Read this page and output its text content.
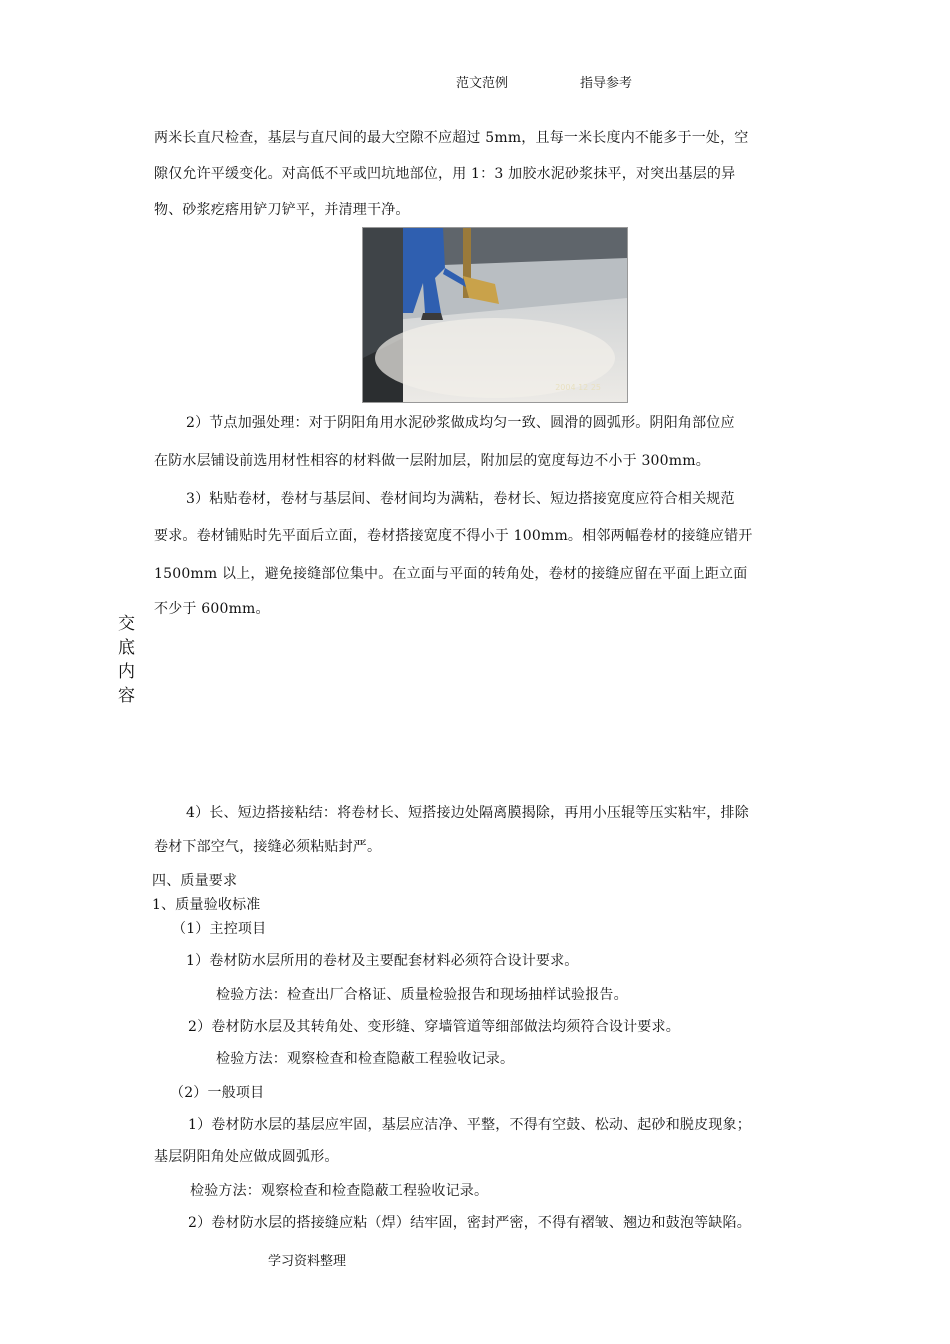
范文范例	指导参考
两米长直尺检查，基层与直尺间的最大空隙不应超过 5mm，且每一米长度内不能多于一处，空
隙仅允许平缓变化。对高低不平或凹坑地部位，用 1：3 加胶水泥砂浆抹平，对突出基层的异
物、砂浆疙瘩用铲刀铲平，并清理干净。
2004 12 25
2）节点加强处理：对于阴阳角用水泥砂浆做成均匀一致、圆滑的圆弧形。阴阳角部位应
在防水层铺设前选用材性相容的材料做一层附加层，附加层的宽度每边不小于 300mm。
3）粘贴卷材，卷材与基层间、卷材间均为满粘，卷材长、短边搭接宽度应符合相关规范
要求。卷材铺贴时先平面后立面，卷材搭接宽度不得小于 100mm。相邻两幅卷材的接缝应错开
1500mm 以上，避免接缝部位集中。在立面与平面的转角处，卷材的接缝应留在平面上距立面
不少于 600mm。
交
底
内
容
4）长、短边搭接粘结：将卷材长、短搭接边处隔离膜揭除，再用小压辊等压实粘牢，排除
卷材下部空气，接缝必须粘贴封严。
四、质量要求
1、质量验收标准
（1）主控项目
1）卷材防水层所用的卷材及主要配套材料必须符合设计要求。
检验方法：检查出厂合格证、质量检验报告和现场抽样试验报告。
2）卷材防水层及其转角处、变形缝、穿墙管道等细部做法均须符合设计要求。
检验方法：观察检查和检查隐蔽工程验收记录。
（2）一般项目
1）卷材防水层的基层应牢固，基层应洁净、平整，不得有空鼓、松动、起砂和脱皮现象；
基层阴阳角处应做成圆弧形。
检验方法：观察检查和检查隐蔽工程验收记录。
2）卷材防水层的搭接缝应粘（焊）结牢固，密封严密，不得有褶皱、翘边和鼓泡等缺陷。
学习资料整理
